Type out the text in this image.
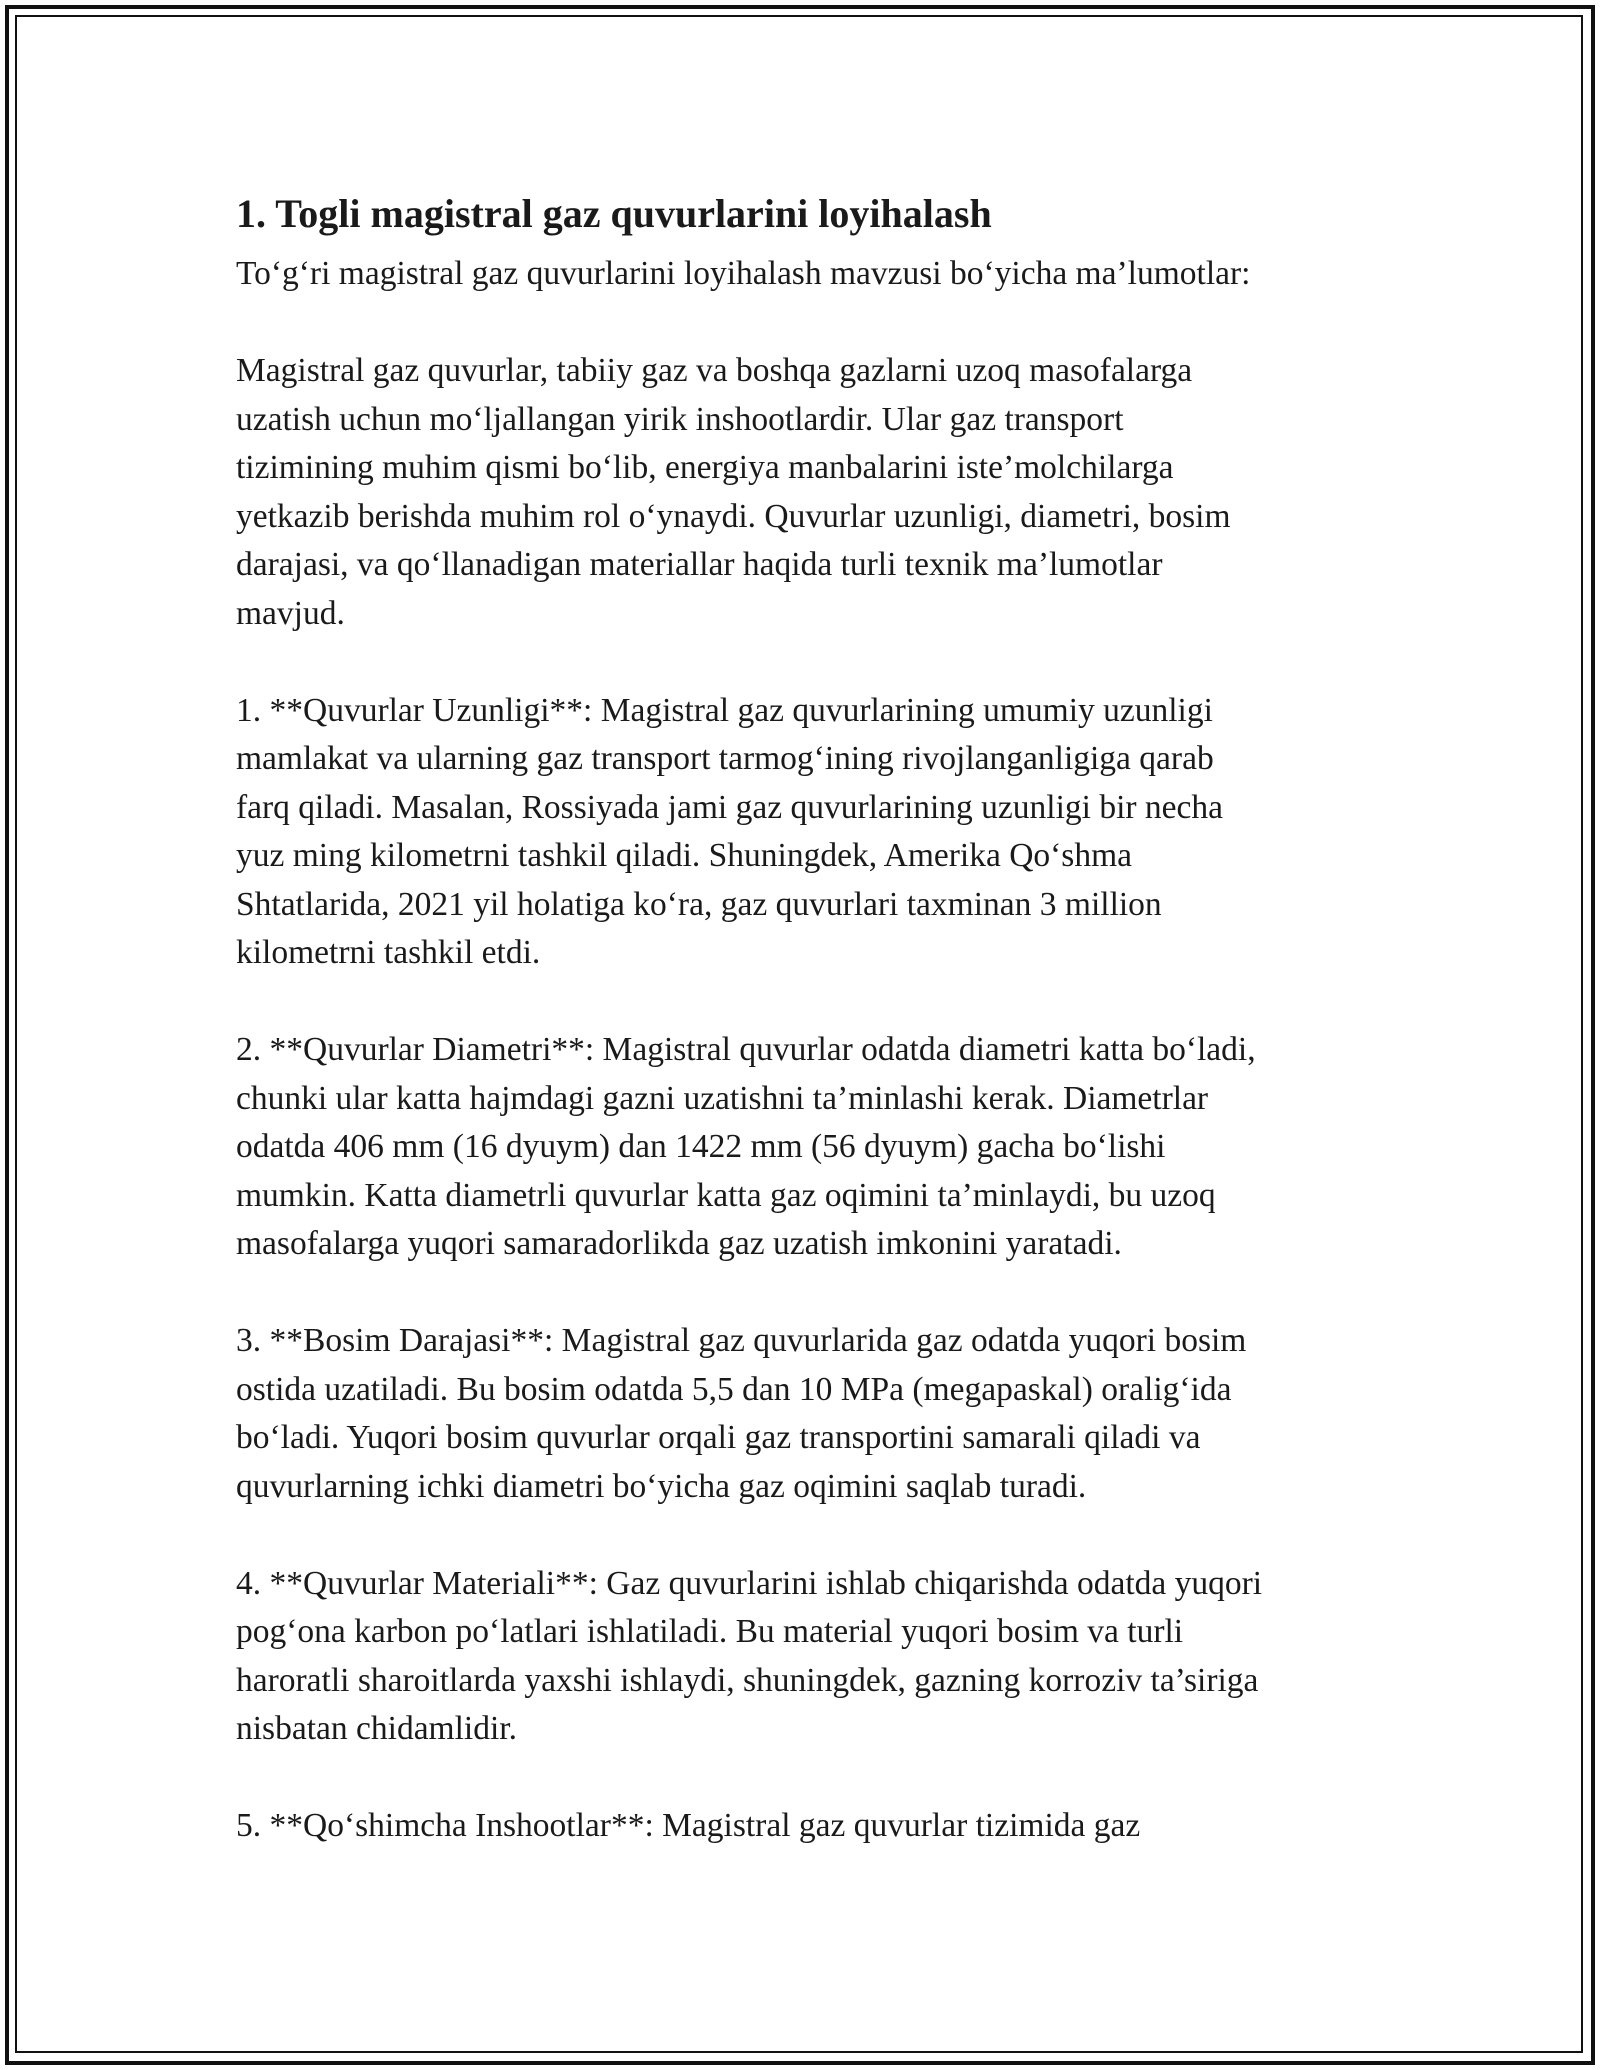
1. Togli magistral gaz quvurlarini loyihalash

To‘g‘ri magistral gaz quvurlarini loyihalash mavzusi bo‘yicha ma’lumotlar:

Magistral gaz quvurlar, tabiiy gaz va boshqa gazlarni uzoq masofalarga
uzatish uchun mo‘ljallangan yirik inshootlardir. Ular gaz transport
tizimining muhim qismi bo‘lib, energiya manbalarini iste’molchilarga
yetkazib berishda muhim rol o‘ynaydi. Quvurlar uzunligi, diametri, bosim
darajasi, va qo‘llanadigan materiallar haqida turli texnik ma’lumotlar
mavjud.

1. **Quvurlar Uzunligi**: Magistral gaz quvurlarining umumiy uzunligi
mamlakat va ularning gaz transport tarmog‘ining rivojlanganligiga qarab
farq qiladi. Masalan, Rossiyada jami gaz quvurlarining uzunligi bir necha
yuz ming kilometrni tashkil qiladi. Shuningdek, Amerika Qo‘shma
Shtatlarida, 2021 yil holatiga ko‘ra, gaz quvurlari taxminan 3 million
kilometrni tashkil etdi.

2. **Quvurlar Diametri**: Magistral quvurlar odatda diametri katta bo‘ladi,
chunki ular katta hajmdagi gazni uzatishni ta’minlashi kerak. Diametrlar
odatda 406 mm (16 dyuym) dan 1422 mm (56 dyuym) gacha bo‘lishi
mumkin. Katta diametrli quvurlar katta gaz oqimini ta’minlaydi, bu uzoq
masofalarga yuqori samaradorlikda gaz uzatish imkonini yaratadi.

3. **Bosim Darajasi**: Magistral gaz quvurlarida gaz odatda yuqori bosim
ostida uzatiladi. Bu bosim odatda 5,5 dan 10 MPa (megapaskal) oralig‘ida
bo‘ladi. Yuqori bosim quvurlar orqali gaz transportini samarali qiladi va
quvurlarning ichki diametri bo‘yicha gaz oqimini saqlab turadi.

4. **Quvurlar Materiali**: Gaz quvurlarini ishlab chiqarishda odatda yuqori
pog‘ona karbon po‘latlari ishlatiladi. Bu material yuqori bosim va turli
haroratli sharoitlarda yaxshi ishlaydi, shuningdek, gazning korroziv ta’siriga
nisbatan chidamlidir.

5. **Qo‘shimcha Inshootlar**: Magistral gaz quvurlar tizimida gaz
